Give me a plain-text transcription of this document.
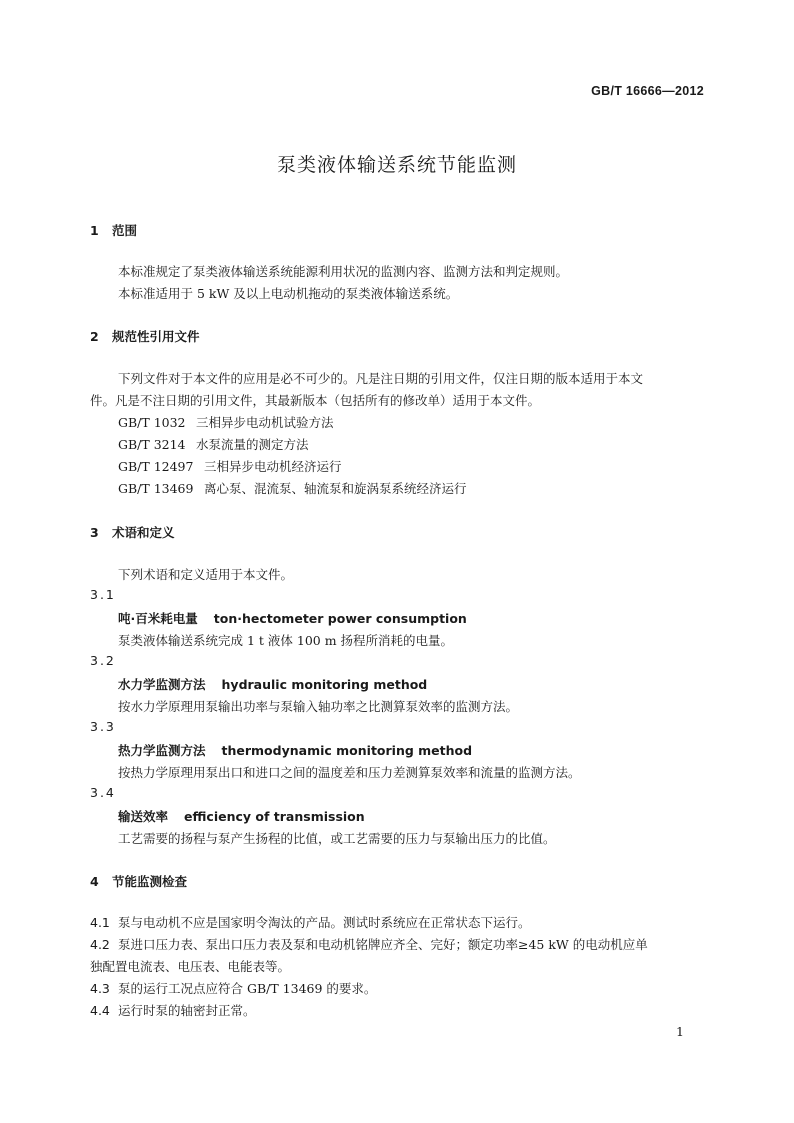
GB/T 16666—2012
泵类液体输送系统节能监测
1 范围
本标准规定了泵类液体输送系统能源利用状况的监测内容、监测方法和判定规则。
本标准适用于 5 kW 及以上电动机拖动的泵类液体输送系统。
2 规范性引用文件
下列文件对于本文件的应用是必不可少的。凡是注日期的引用文件，仅注日期的版本适用于本文
件。凡是不注日期的引用文件，其最新版本（包括所有的修改单）适用于本文件。
GB/T 1032 三相异步电动机试验方法
GB/T 3214 水泵流量的测定方法
GB/T 12497 三相异步电动机经济运行
GB/T 13469 离心泵、混流泵、轴流泵和旋涡泵系统经济运行
3 术语和定义
下列术语和定义适用于本文件。
3.1
吨·百米耗电量 ton·hectometer power consumption
泵类液体输送系统完成 1 t 液体 100 m 扬程所消耗的电量。
3.2
水力学监测方法 hydraulic monitoring method
按水力学原理用泵输出功率与泵输入轴功率之比测算泵效率的监测方法。
3.3
热力学监测方法 thermodynamic monitoring method
按热力学原理用泵出口和进口之间的温度差和压力差测算泵效率和流量的监测方法。
3.4
输送效率 efficiency of transmission
工艺需要的扬程与泵产生扬程的比值，或工艺需要的压力与泵输出压力的比值。
4 节能监测检查
4.1 泵与电动机不应是国家明令淘汰的产品。测试时系统应在正常状态下运行。
4.2 泵进口压力表、泵出口压力表及泵和电动机铭牌应齐全、完好；额定功率≥45 kW 的电动机应单
独配置电流表、电压表、电能表等。
4.3 泵的运行工况点应符合 GB/T 13469 的要求。
4.4 运行时泵的轴密封正常。
1
